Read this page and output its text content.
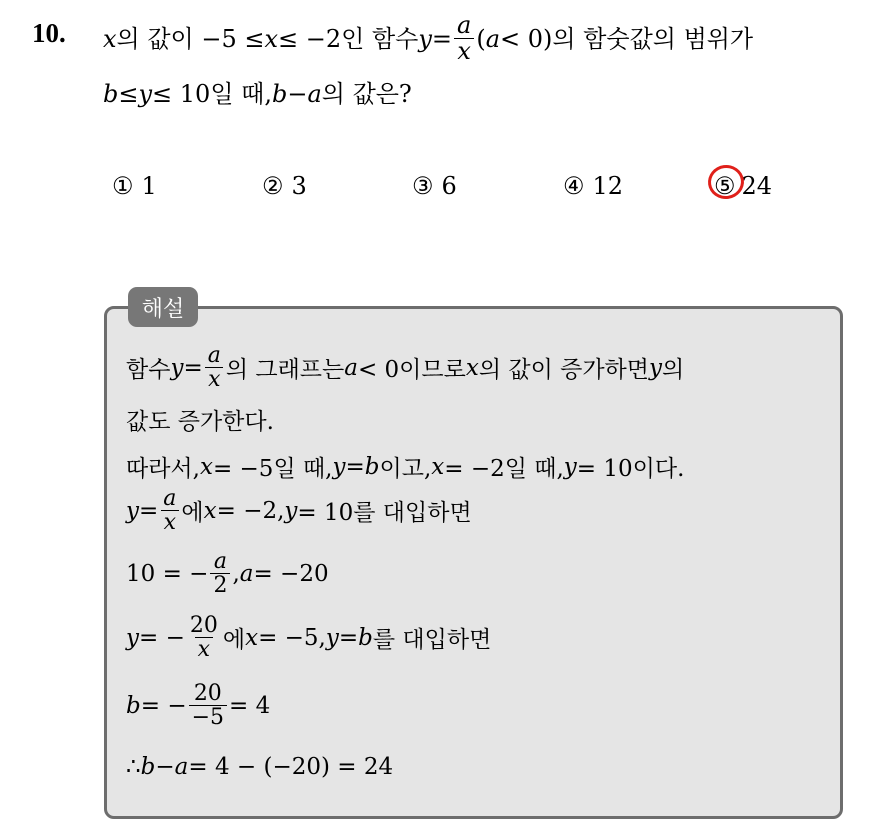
10. x 의 값이 −5 ≤ x ≤ −2인 함수 $y = \frac{a}{x}$ ( a < 0)의 함숫값의 범위가
b ≤ y ≤ 10일 때, b − a 의 값은?
① 1	② 3	③ 6	④ 12	⑤ 24
해설
함수 $y = \frac{a}{x}$ 의 그래프는 a < 0이므로 x 의 값이 증가하면 y 의
값도 증가한다.
따라서, x = −5일 때, y = b 이고, x = −2일 때, y = 10이다.
$y = \frac{a}{x}$ 에 x = −2, y = 10를 대입하면
10 = − $\frac{a}{2}$ , a = −20
y = − $\frac{20}{x}$ 에 x = −5, y = b 를 대입하면
b = − $\frac{20}{-5} = 4$
∴ b − a = 4 − (−20) = 24
